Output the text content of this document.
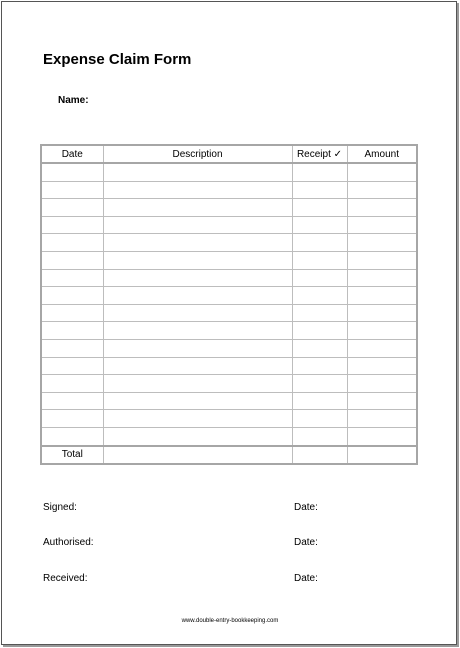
Expense Claim Form
Name:
Date	Description	Receipt ✓	Amount

Total			
Signed:	Date:
Authorised:	Date:
Received:	Date:
www.double-entry-bookkeeping.com
